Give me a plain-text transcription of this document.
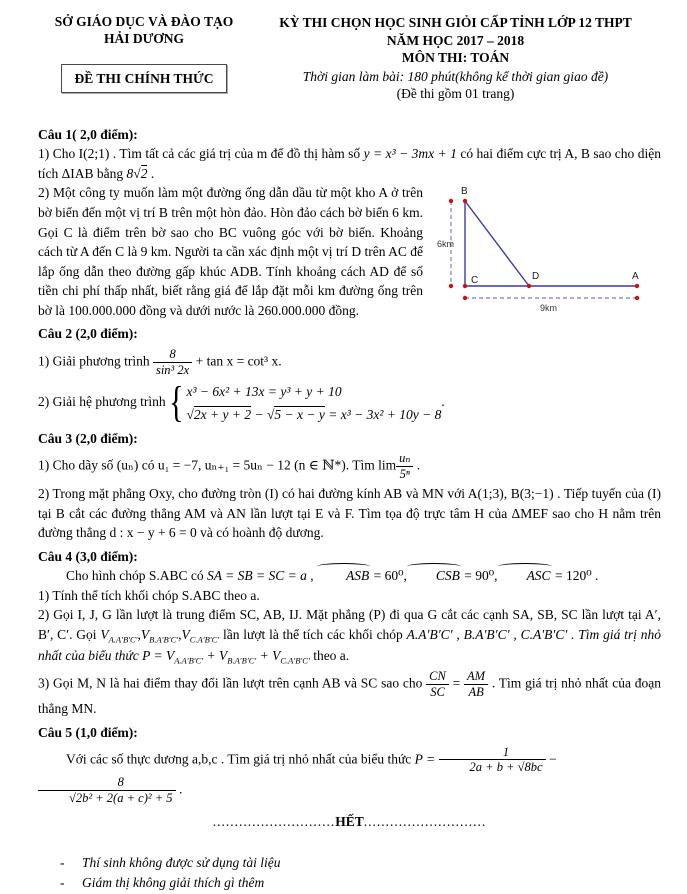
SỞ GIÁO DỤC VÀ ĐÀO TẠO
HẢI DƯƠNG
ĐỀ THI CHÍNH THỨC
KỲ THI CHỌN HỌC SINH GIỎI CẤP TỈNH LỚP 12 THPT
NĂM HỌC 2017 – 2018
MÔN THI: TOÁN
Thời gian làm bài: 180 phút(không kể thời gian giao đề)
(Đề thi gồm 01 trang)
Câu 1( 2,0 điểm):

1) Cho I(2;1) . Tìm tất cả các giá trị của m để đồ thị hàm số y = x³ − 3mx + 1 có hai điểm cực trị A, B sao cho diện tích ΔIAB bằng 8 √ 2 .

B
C	D	A
6km
9km
2) Một công ty muốn làm một đường ống dẫn dầu từ một kho A ở trên bờ biển đến một vị trí B trên một hòn đảo. Hòn đảo cách bờ biển 6 km. Gọi C là điểm trên bờ sao cho BC vuông góc với bờ biển. Khoảng cách từ A đến C là 9 km. Người ta cần xác định một vị trí D trên AC để lắp ống dẫn theo đường gấp khúc ADB. Tính khoảng cách AD để số tiền chi phí thấp nhất, biết rằng giá để lắp đặt mỗi km đường ống trên bờ là 100.000.000 đồng và dưới nước là 260.000.000 đồng.

Câu 2 (2,0 điểm):

1) Giải phương trình $\frac{8}{\text{sin³ 2x}} + \tan x = \cot^3$ x.

2) Giải hệ phương trình
{ x³ − 6x² + 13x = y³ + y + 10
√ 2x + y + 2 − √ 5 − x − y = x³ − 3x² + 10y − 8
.

Câu 3 (2,0 điểm):

1) Cho dãy số (uₙ) có u₁ = −7, uₙ₊₁ = 5uₙ − 12 (n ∈ ℕ*). Tìm $\lim \frac{\text{uₙ}}{\text{5ⁿ}}$ .

2) Trong mặt phẳng Oxy, cho đường tròn (I) có hai đường kính AB và MN với A(1;3), B(3;−1) . Tiếp tuyến của (I) tại B cắt các đường thẳng AM và AN lần lượt tại E và F. Tìm tọa độ trực tâm H của ΔMEF sao cho H nằm trên đường thẳng d : x − y + 6 = 0 và có hoành độ dương.

Câu 4 (3,0 điểm):

Cho hình chóp S.ABC có SA = SB = SC = a , ASB = 60⁰, CSB = 90⁰, ASC = 120⁰ .

1) Tính thể tích khối chóp S.ABC theo a.

2) Gọi I, J, G lần lượt là trung điểm SC, AB, IJ. Mặt phẳng (P) đi qua G cắt các cạnh SA, SB, SC lần lượt tại A′, B′, C′. Gọi $V_{A.A'B'C'},V_{B.A'B'C'},V_{C.A'B'C'}$ lần lượt là thể tích các khối chóp A.A′B′C′ , B.A′B′C′ , C.A′B′C′ . Tìm giá trị nhỏ nhất của biểu thức $P = V_{A.A'B'C'} + V_{B.A'B'C'} + V_{C.A'B'C'}$ theo a.

3) Gọi M, N là hai điểm thay đổi lần lượt trên cạnh AB và SC sao cho $\frac{CN}{SC} = \frac{AM}{AB}$ . Tìm giá trị nhỏ nhất của đoạn thẳng MN.

Câu 5 (1,0 điểm):

Với các số thực dương a,b,c . Tìm giá trị nhỏ nhất của biểu thức $P = \frac{1}{2a + b + √ 8bc}$ −
8
√ 2b² + 2(a + c)² + 5 .

............................HẾT............................
-	Thí sinh không được sử dụng tài liệu
-	Giám thị không giải thích gì thêm
